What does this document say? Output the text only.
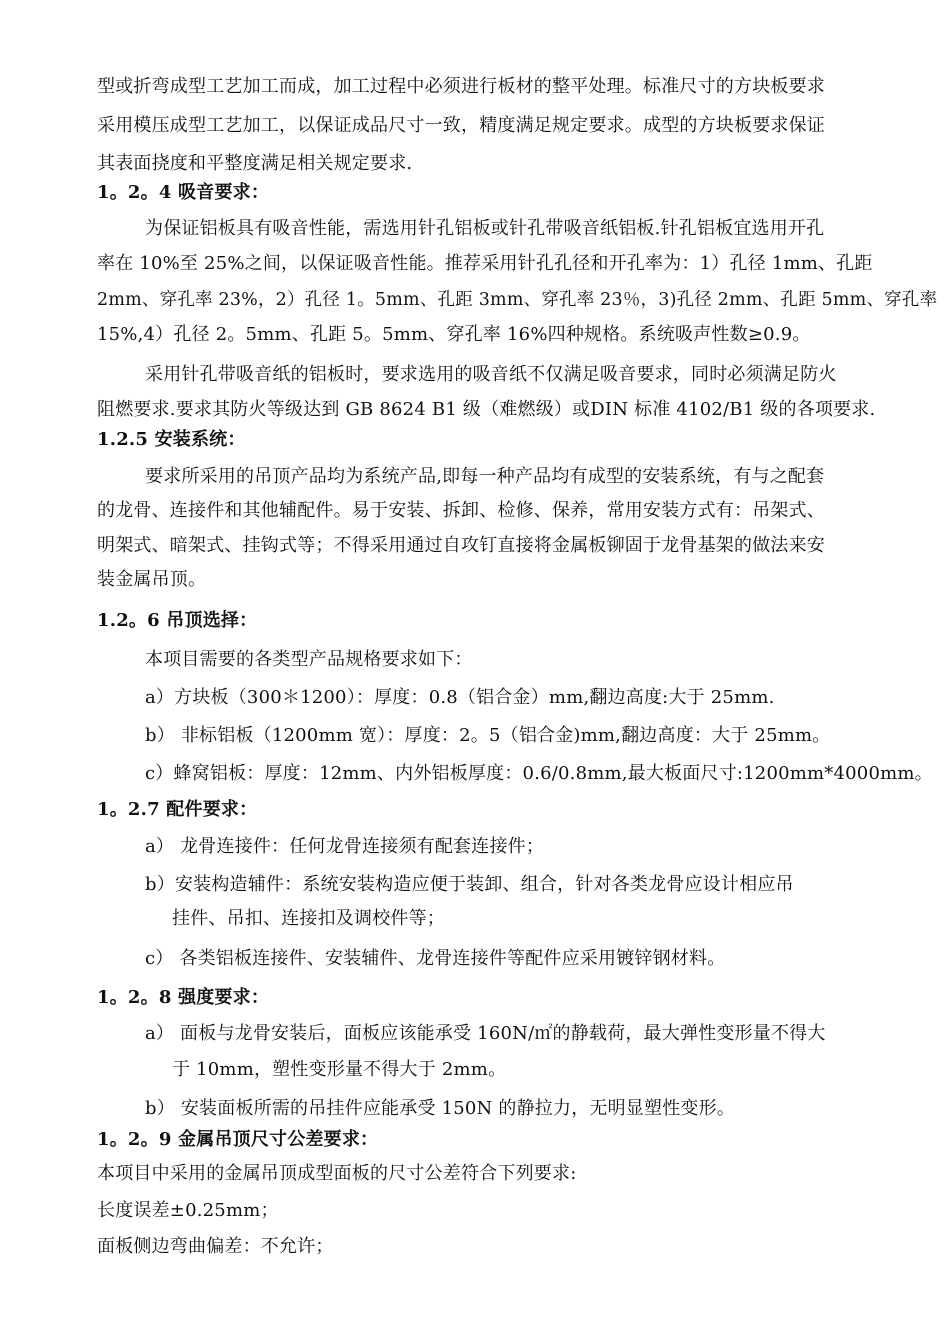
型或折弯成型工艺加工而成，加工过程中必须进行板材的整平处理。标准尺寸的方块板要求
采用模压成型工艺加工，以保证成品尺寸一致，精度满足规定要求。成型的方块板要求保证
其表面挠度和平整度满足相关规定要求.
1。2。4 吸音要求：
为保证铝板具有吸音性能，需选用针孔铝板或针孔带吸音纸铝板.针孔铝板宜选用开孔
率在 10%至 25%之间，以保证吸音性能。推荐采用针孔孔径和开孔率为：1）孔径 1mm、孔距
2mm、穿孔率 23%，2）孔径 1。5mm、孔距 3mm、穿孔率 23％，3)孔径 2mm、孔距 5mm、穿孔率
15%,4）孔径 2。5mm、孔距 5。5mm、穿孔率 16%四种规格。系统吸声性数≥0.9。
采用针孔带吸音纸的铝板时，要求选用的吸音纸不仅满足吸音要求，同时必须满足防火
阻燃要求.要求其防火等级达到 GB 8624 B1 级（难燃级）或DIN 标准 4102/B1 级的各项要求.
1.2.5 安装系统：
要求所采用的吊顶产品均为系统产品,即每一种产品均有成型的安装系统，有与之配套
的龙骨、连接件和其他辅配件。易于安装、拆卸、检修、保养，常用安装方式有：吊架式、
明架式、暗架式、挂钩式等；不得采用通过自攻钉直接将金属板铆固于龙骨基架的做法来安
装金属吊顶。
1.2。6 吊顶选择：
本项目需要的各类型产品规格要求如下：
a）方块板（300＊1200）：厚度：0.8（铝合金）mm,翻边高度:大于 25mm.
b） 非标铝板（1200mm 宽）：厚度：2。5（铝合金)mm,翻边高度：大于 25mm。
c）蜂窝铝板：厚度：12mm、内外铝板厚度：0.6/0.8mm,最大板面尺寸:1200mm*4000mm。
1。2.7 配件要求：
a） 龙骨连接件：任何龙骨连接须有配套连接件；
b）安装构造辅件：系统安装构造应便于装卸、组合，针对各类龙骨应设计相应吊
挂件、吊扣、连接扣及调校件等；
c） 各类铝板连接件、安装辅件、龙骨连接件等配件应采用镀锌钢材料。
1。2。8 强度要求：
a） 面板与龙骨安装后，面板应该能承受 160N/㎡的静载荷，最大弹性变形量不得大
于 10mm，塑性变形量不得大于 2mm。
b） 安装面板所需的吊挂件应能承受 150N 的静拉力，无明显塑性变形。
1。2。9 金属吊顶尺寸公差要求：
本项目中采用的金属吊顶成型面板的尺寸公差符合下列要求:
长度误差±0.25mm；
面板侧边弯曲偏差：不允许；
